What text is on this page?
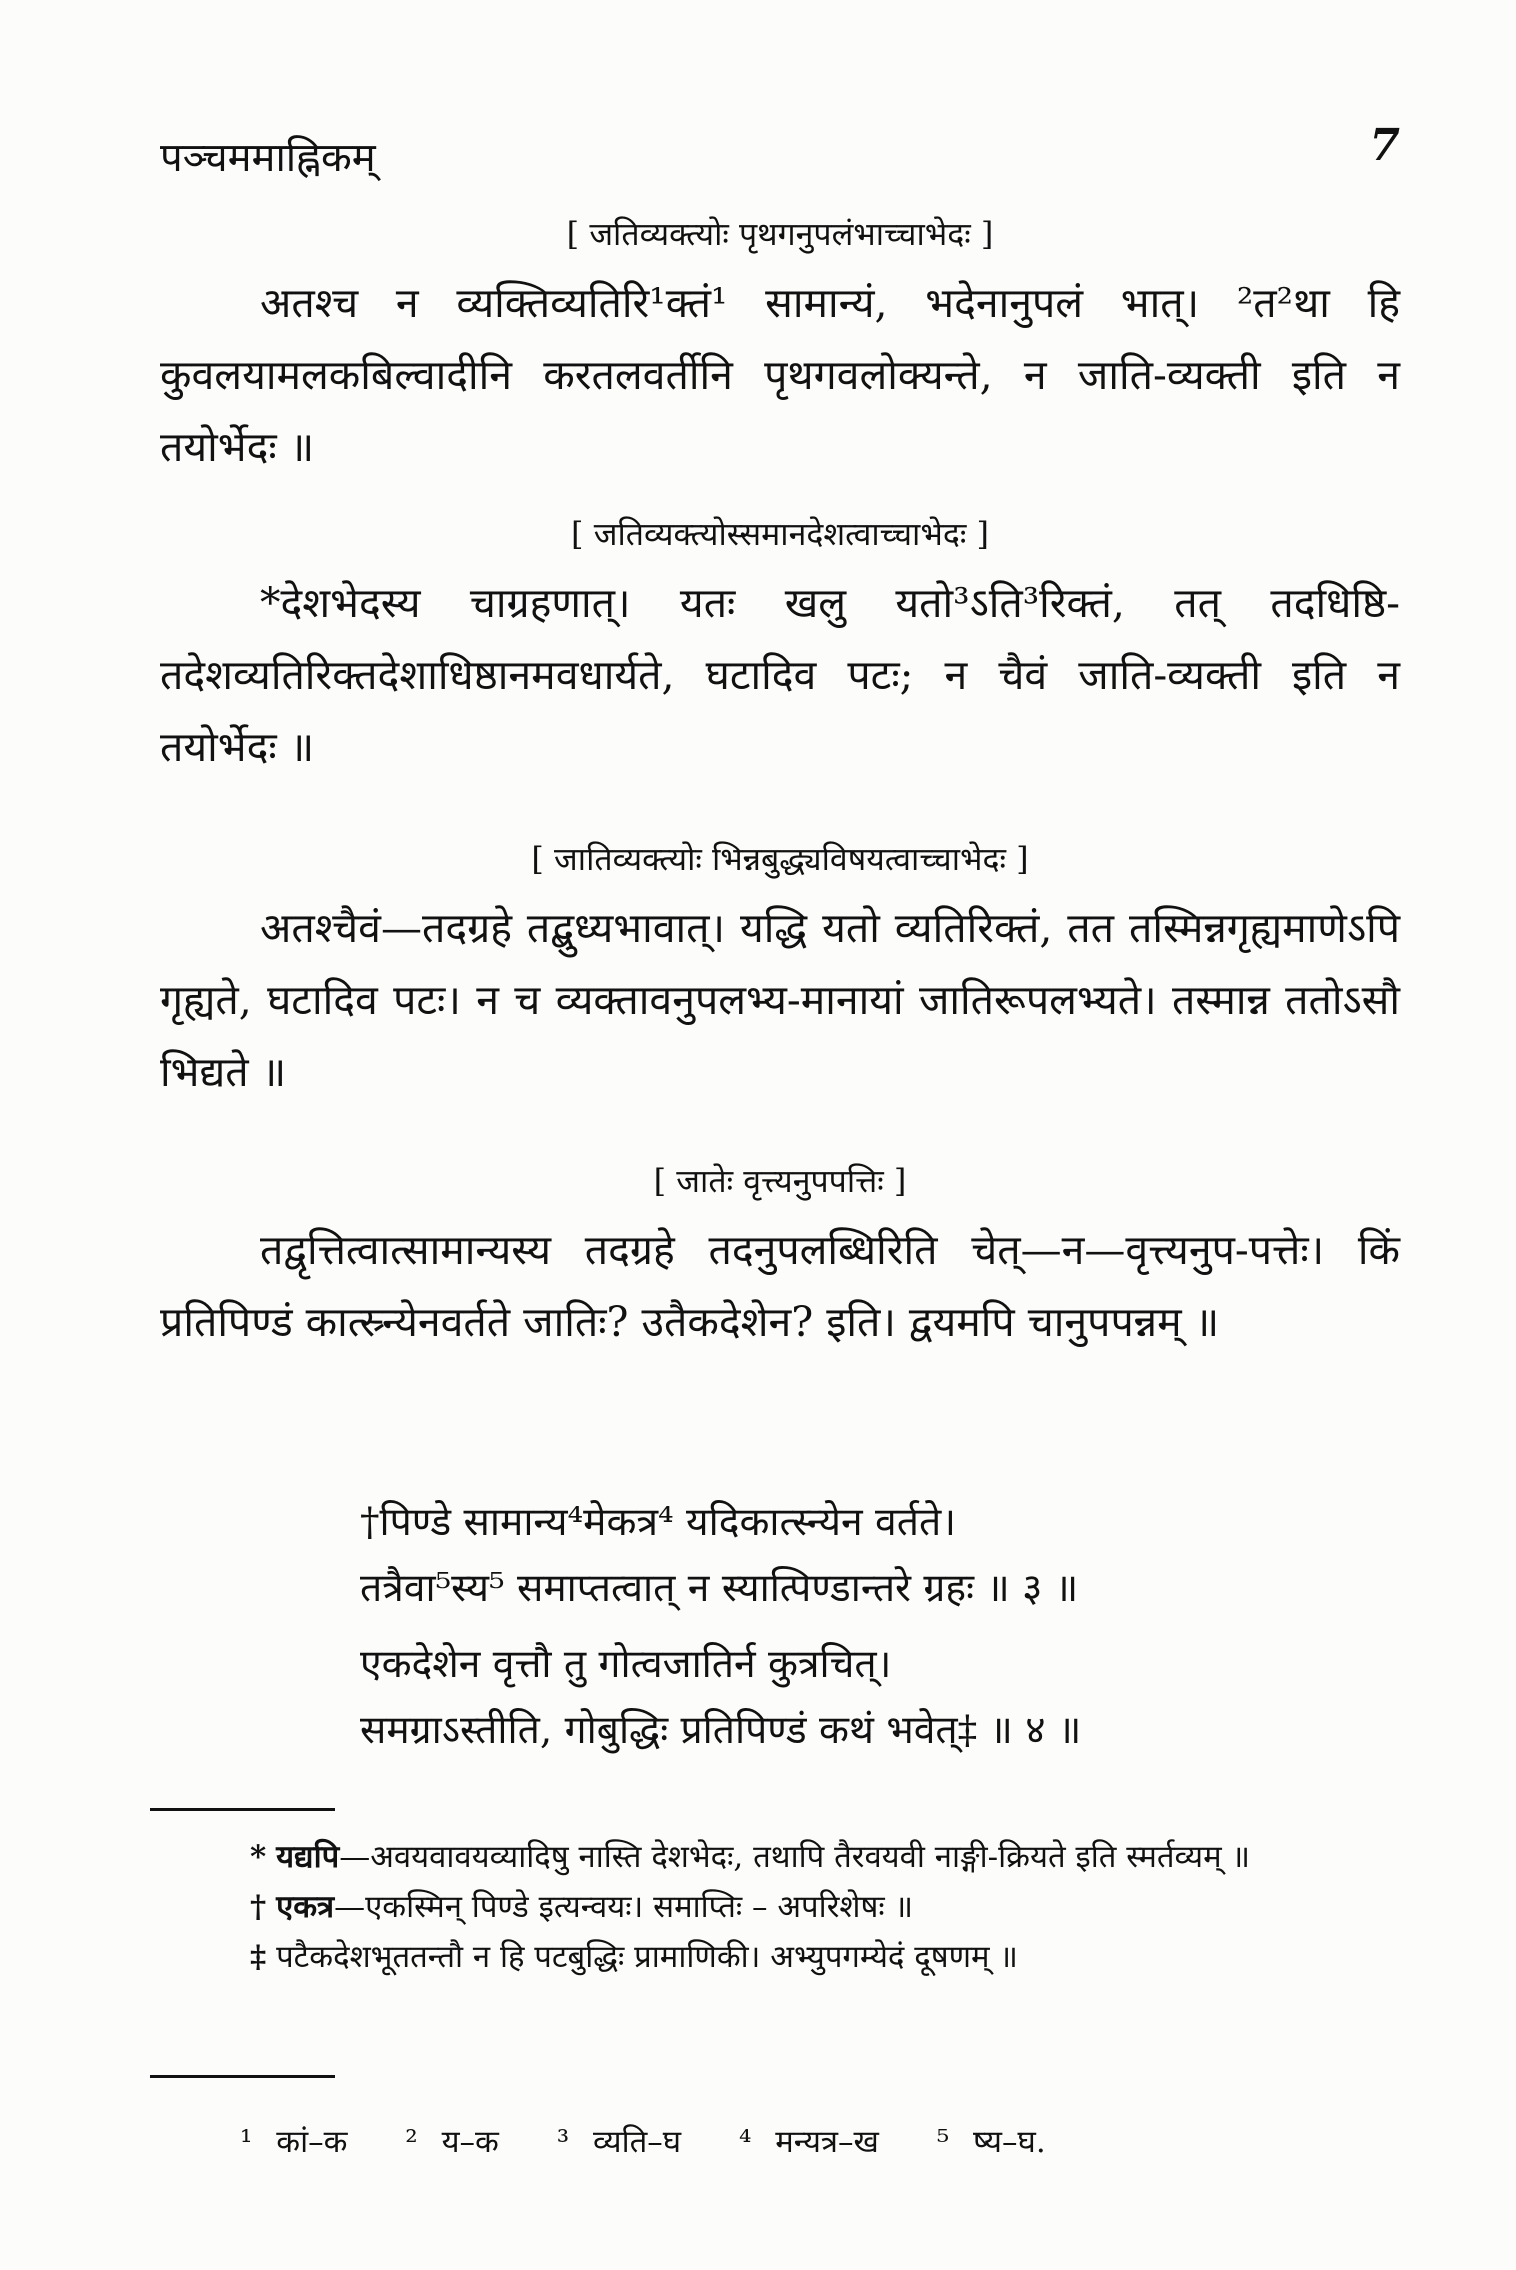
पञ्चममाह्निकम्	7

[ जतिव्यक्त्योः पृथगनुपलंभाच्चाभेदः ]

अतश्च न व्यक्तिव्यतिरि¹क्तं¹ सामान्यं, भदेनानुपलं भात्। ²त²था हि कुवलयामलकबिल्वादीनि करतलवर्तीनि पृथगवलोक्यन्ते, न जाति-व्यक्ती इति न तयोर्भेदः ॥

[ जतिव्यक्त्योस्समानदेशत्वाच्चाभेदः ]

*देशभेदस्य चाग्रहणात्। यतः खलु यतो³ऽति³रिक्तं, तत् तदधिष्ठि- तदेशव्यतिरिक्तदेशाधिष्ठानमवधार्यते, घटादिव पटः; न चैवं जाति-व्यक्ती इति न तयोर्भेदः ॥

[ जातिव्यक्त्योः भिन्नबुद्ध्यविषयत्वाच्चाभेदः ]

अतश्चैवं—तदग्रहे तद्बुध्यभावात्। यद्धि यतो व्यतिरिक्तं, तत तस्मिन्नगृह्यमाणेऽपि गृह्यते, घटादिव पटः। न च व्यक्तावनुपलभ्य-मानायां जातिरूपलभ्यते। तस्मान्न ततोऽसौ भिद्यते ॥

[ जातेः वृत्त्यनुपपत्तिः ]

तद्वृत्तित्वात्सामान्यस्य तदग्रहे तदनुपलब्धिरिति चेत्—न—वृत्त्यनुप-पत्तेः। किं प्रतिपिण्डं कात्स्र्न्येनवर्तते जातिः? उतैकदेशेन? इति। द्वयमपि चानुपपन्नम् ॥

†पिण्डे सामान्य⁴मेकत्र⁴ यदिकात्स्न्येन वर्तते।

तत्रैवा⁵स्य⁵ समाप्तत्वात् न स्यात्पिण्डान्तरे ग्रहः ॥ ३ ॥

एकदेशेन वृत्तौ तु गोत्वजातिर्न कुत्रचित्।

समग्राऽस्तीति, गोबुद्धिः प्रतिपिण्डं कथं भवेत्‡ ॥ ४ ॥

* यद्यपि—अवयवावयव्यादिषु नास्ति देशभेदः, तथापि तैरवयवी नाङ्गी-क्रियते इति स्मर्तव्यम् ॥

† एकत्र—एकस्मिन् पिण्डे इत्यन्वयः। समाप्तिः – अपरिशेषः ॥

‡ पटैकदेशभूततन्तौ न हि पटबुद्धिः प्रामाणिकी। अभ्युपगम्येदं दूषणम् ॥

¹ कां–क ² य–क ³ व्यति–घ ⁴ मन्यत्र–ख ⁵ ष्य–घ.
